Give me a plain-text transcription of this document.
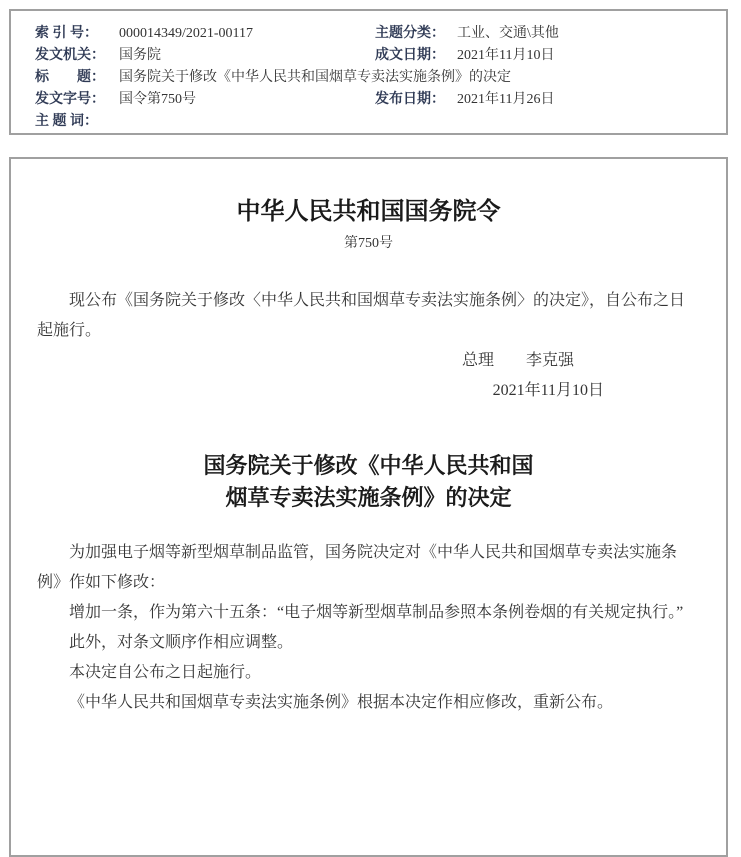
索 引 号：	000014349/2021-00117	主题分类： 工业、交通\其他
发文机关：	国务院	成文日期： 2021年11月10日
标　　题：	国务院关于修改《中华人民共和国烟草专卖法实施条例》的决定
发文字号：	国令第750号	发布日期： 2021年11月26日
主 题 词：
中华人民共和国国务院令
第750号

现公布《国务院关于修改〈中华人民共和国烟草专卖法实施条例〉的决定》，自公布之日起施行。

总理　　李克强

2021年11月10日

国务院关于修改《中华人民共和国
烟草专卖法实施条例》的决定

为加强电子烟等新型烟草制品监管，国务院决定对《中华人民共和国烟草专卖法实施条例》作如下修改：

增加一条，作为第六十五条：“电子烟等新型烟草制品参照本条例卷烟的有关规定执行。”

此外，对条文顺序作相应调整。

本决定自公布之日起施行。

《中华人民共和国烟草专卖法实施条例》根据本决定作相应修改，重新公布。
